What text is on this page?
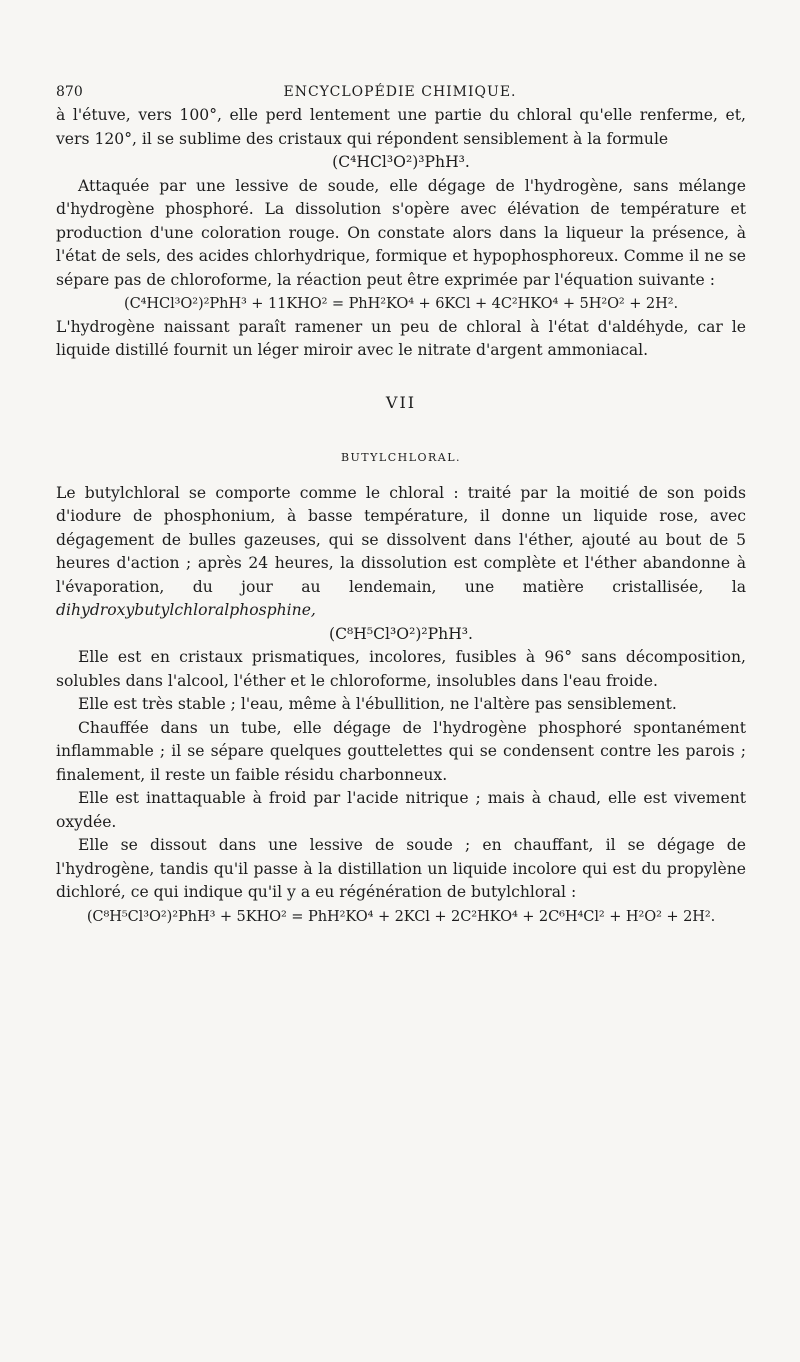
870	ENCYCLOPÉDIE CHIMIQUE.

à l'étuve, vers 100°, elle perd lentement une partie du chloral qu'elle renferme, et, vers 120°, il se sublime des cristaux qui répondent sensiblement à la formule

(C⁴HCl³O²)³PhH³.

Attaquée par une lessive de soude, elle dégage de l'hydrogène, sans mélange d'hydrogène phosphoré. La dissolution s'opère avec élévation de température et production d'une coloration rouge. On constate alors dans la liqueur la présence, à l'état de sels, des acides chlorhydrique, formique et hypophosphoreux. Comme il ne se sépare pas de chloroforme, la réaction peut être exprimée par l'équation suivante :

(C⁴HCl³O²)²PhH³ + 11KHO² = PhH²KO⁴ + 6KCl + 4C²HKO⁴ + 5H²O² + 2H².

L'hydrogène naissant paraît ramener un peu de chloral à l'état d'aldéhyde, car le liquide distillé fournit un léger miroir avec le nitrate d'argent ammoniacal.

VII
BUTYLCHLORAL.

Le butylchloral se comporte comme le chloral : traité par la moitié de son poids d'iodure de phosphonium, à basse température, il donne un liquide rose, avec dégagement de bulles gazeuses, qui se dissolvent dans l'éther, ajouté au bout de 5 heures d'action ; après 24 heures, la dissolution est complète et l'éther abandonne à l'évaporation, du jour au lendemain, une matière cristallisée, la dihydroxybutylchloralphosphine,

(C⁸H⁵Cl³O²)²PhH³.

Elle est en cristaux prismatiques, incolores, fusibles à 96° sans décomposition, solubles dans l'alcool, l'éther et le chloroforme, insolubles dans l'eau froide.

Elle est très stable ; l'eau, même à l'ébullition, ne l'altère pas sensiblement.

Chauffée dans un tube, elle dégage de l'hydrogène phosphoré spontanément inflammable ; il se sépare quelques gouttelettes qui se condensent contre les parois ; finalement, il reste un faible résidu charbonneux.

Elle est inattaquable à froid par l'acide nitrique ; mais à chaud, elle est vivement oxydée.

Elle se dissout dans une lessive de soude ; en chauffant, il se dégage de l'hydrogène, tandis qu'il passe à la distillation un liquide incolore qui est du propylène dichloré, ce qui indique qu'il y a eu régénération de butylchloral :

(C⁸H⁵Cl³O²)²PhH³ + 5KHO² = PhH²KO⁴ + 2KCl + 2C²HKO⁴ + 2C⁶H⁴Cl² + H²O² + 2H².
